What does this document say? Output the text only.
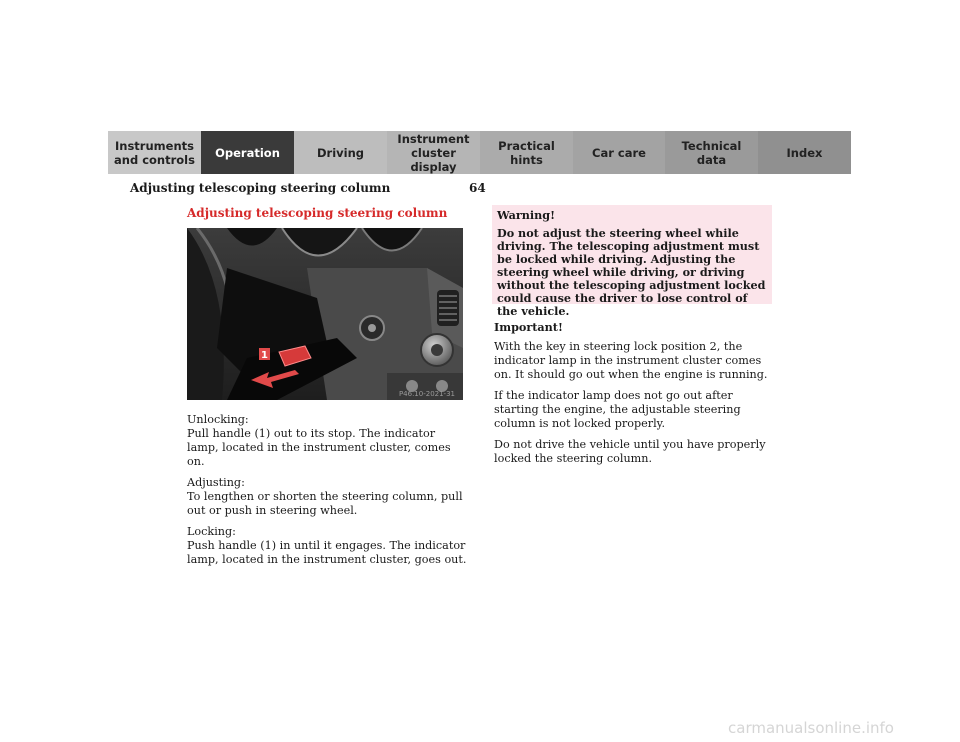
Instruments
and controls	Operation	Driving
Instrument
cluster display
Practical hints	Car care	Technical
data	Index
Adjusting telescoping steering column	64
Adjusting telescoping steering column
1
P46.10-2021-31

Unlocking:
Pull handle (1) out to its stop. The indicator lamp, located in the instrument cluster, comes on.

Adjusting:
To lengthen or shorten the steering column, pull out or push in steering wheel.

Locking:
Push handle (1) in until it engages. The indicator lamp, located in the instrument cluster, goes out.

Warning!
Do not adjust the steering wheel while driving. The telescoping adjustment must be locked while driving. Adjusting the steering wheel while driving, or driving without the telescoping adjustment locked could cause the driver to lose control of the vehicle.

Important!

With the key in steering lock position 2, the indicator lamp in the instrument cluster comes on. It should go out when the engine is running.

If the indicator lamp does not go out after starting the engine, the adjustable steering column is not locked properly.

Do not drive the vehicle until you have properly locked the steering column.

carmanualsonline.info
